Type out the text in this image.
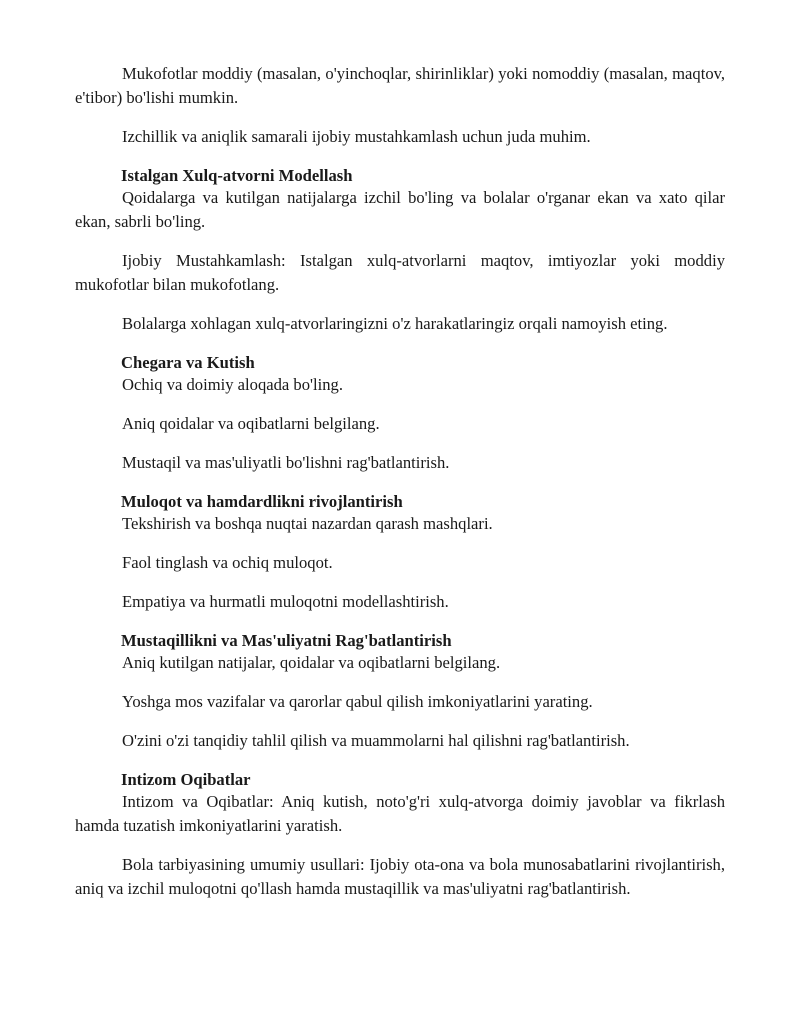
Mukofotlar moddiy (masalan, o'yinchoqlar, shirinliklar) yoki nomoddiy (masalan, maqtov, e'tibor) bo'lishi mumkin.

Izchillik va aniqlik samarali ijobiy mustahkamlash uchun juda muhim.

Istalgan Xulq-atvorni Modellash

Qoidalarga va kutilgan natijalarga izchil bo'ling va bolalar o'rganar ekan va xato qilar ekan, sabrli bo'ling.

Ijobiy Mustahkamlash: Istalgan xulq-atvorlarni maqtov, imtiyozlar yoki moddiy mukofotlar bilan mukofotlang.

Bolalarga xohlagan xulq-atvorlaringizni o'z harakatlaringiz orqali namoyish eting.

Chegara va Kutish

Ochiq va doimiy aloqada bo'ling.

Aniq qoidalar va oqibatlarni belgilang.

Mustaqil va mas'uliyatli bo'lishni rag'batlantirish.

Muloqot va hamdardlikni rivojlantirish

Tekshirish va boshqa nuqtai nazardan qarash mashqlari.

Faol tinglash va ochiq muloqot.

Empatiya va hurmatli muloqotni modellashtirish.

Mustaqillikni va Mas'uliyatni Rag'batlantirish

Aniq kutilgan natijalar, qoidalar va oqibatlarni belgilang.

Yoshga mos vazifalar va qarorlar qabul qilish imkoniyatlarini yarating.

O'zini o'zi tanqidiy tahlil qilish va muammolarni hal qilishni rag'batlantirish.

Intizom Oqibatlar

Intizom va Oqibatlar: Aniq kutish, noto'g'ri xulq-atvorga doimiy javoblar va fikrlash hamda tuzatish imkoniyatlarini yaratish.

Bola tarbiyasining umumiy usullari: Ijobiy ota-ona va bola munosabatlarini rivojlantirish, aniq va izchil muloqotni qo'llash hamda mustaqillik va mas'uliyatni rag'batlantirish.
